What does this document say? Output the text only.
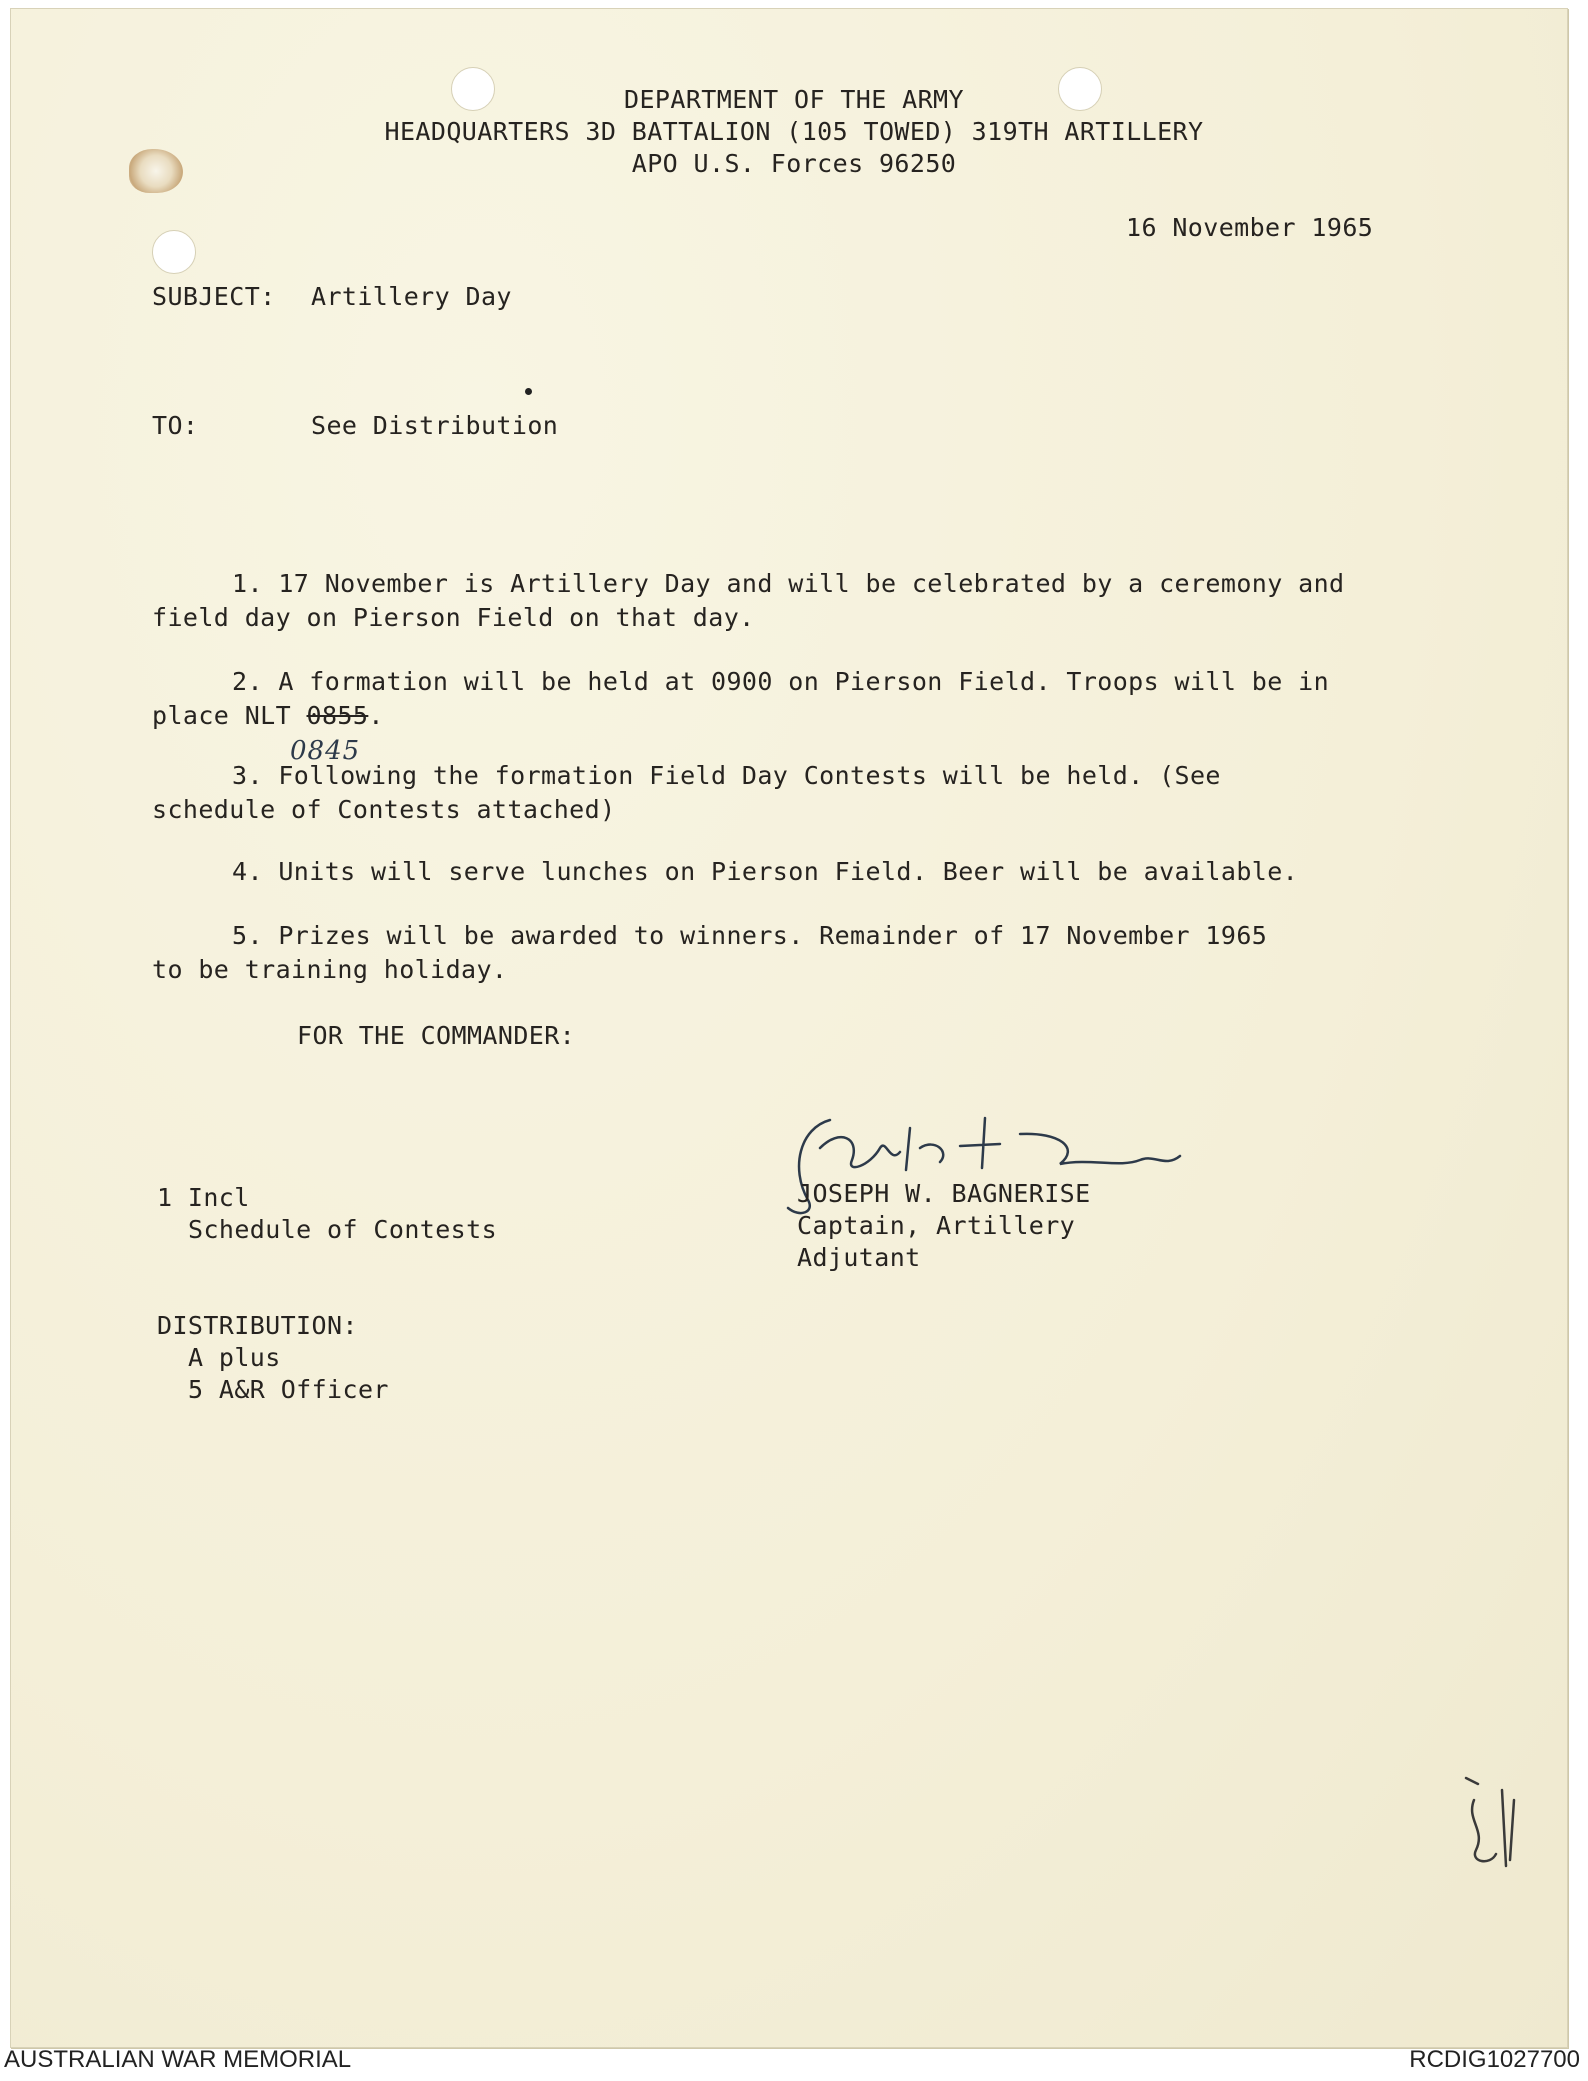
DEPARTMENT OF THE ARMY
HEADQUARTERS 3D BATTALION (105 TOWED) 319TH ARTILLERY
APO U.S. Forces 96250
16 November 1965
SUBJECT: Artillery Day
TO:	See Distribution
1. 17 November is Artillery Day and will be celebrated by a ceremony and
field day on Pierson Field on that day.
2. A formation will be held at 0900 on Pierson Field. Troops will be in
place NLT 0855.
0845
3. Following the formation Field Day Contests will be held. (See
schedule of Contests attached)
4. Units will serve lunches on Pierson Field. Beer will be available.
5. Prizes will be awarded to winners. Remainder of 17 November 1965
to be training holiday.
FOR THE COMMANDER:
JOSEPH W. BAGNERISE
Captain, Artillery
Adjutant
1 Incl
Schedule of Contests
DISTRIBUTION:
A plus
5 A&R Officer
AUSTRALIAN WAR MEMORIAL	RCDIG1027700
